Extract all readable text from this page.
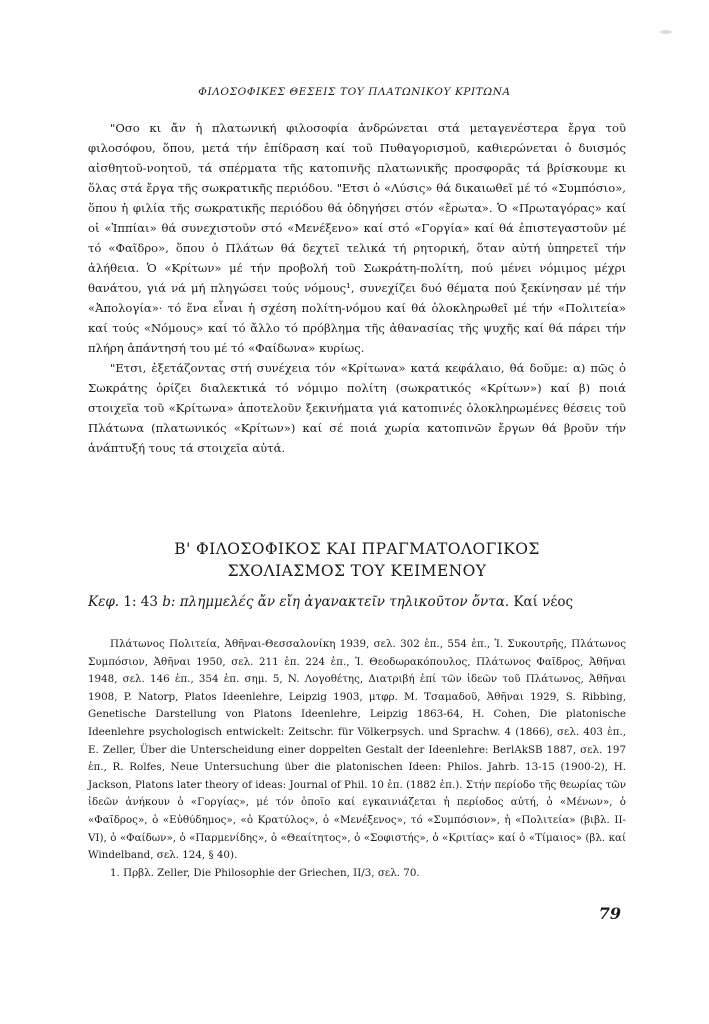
ΦΙΛΟΣΟΦΙΚΕΣ ΘΕΣΕΙΣ ΤΟΥ ΠΛΑΤΩΝΙΚΟΥ ΚΡΙΤΩΝΑ

"Οσο κι ἄν ἡ πλατωνική φιλοσοφία ἀνδρώνεται στά μεταγενέστερα ἔργα τοῦ φιλοσόφου, ὅπου, μετά τήν ἐπίδραση καί τοῦ Πυθαγορισμοῦ, καθιερώνεται ὁ δυισμός αἰσθητοῦ-νοητοῦ, τά σπέρματα τῆς κατοπινῆς πλατωνικῆς προσφορᾶς τά βρίσκουμε κι ὅλας στά ἔργα τῆς σωκρατικῆς περιόδου. "Ετσι ὁ «Λύσις» θά δικαιωθεῖ μέ τό «Συμπόσιο», ὅπου ἡ φιλία τῆς σωκρατικῆς περιόδου θά ὁδηγήσει στόν «ἔρωτα». Ὁ «Πρωταγόρας» καί οἱ «Ἱππίαι» θά συνεχιστοῦν στό «Μενέξενο» καί στό «Γοργία» καί θά ἐπιστεγαστοῦν μέ τό «Φαῖδρο», ὅπου ὁ Πλάτων θά δεχτεῖ τελικά τή ρητορική, ὅταν αὐτή ὑπηρετεῖ τήν ἀλήθεια. Ὁ «Κρίτων» μέ τήν προβολή τοῦ Σωκράτη-πολίτη, πού μένει νόμιμος μέχρι θανάτου, γιά νά μή πληγώσει τούς νόμους¹, συνεχίζει δυό θέματα πού ξεκίνησαν μέ τήν «Ἀπολογία»· τό ἕνα εἶναι ἡ σχέση πολίτη-νόμου καί θά ὁλοκληρωθεῖ μέ τήν «Πολιτεία» καί τούς «Νόμους» καί τό ἄλλο τό πρόβλημα τῆς ἀθανασίας τῆς ψυχῆς καί θά πάρει τήν πλήρη ἀπάντησή του μέ τό «Φαίδωνα» κυρίως.

"Ετσι, ἐξετάζοντας στή συνέχεια τόν «Κρίτωνα» κατά κεφάλαιο, θά δοῦμε: α) πῶς ὁ Σωκράτης ὁρίζει διαλεκτικά τό νόμιμο πολίτη (σωκρατικός «Κρίτων») καί β) ποιά στοιχεῖα τοῦ «Κρίτωνα» ἀποτελοῦν ξεκινήματα γιά κατοπινές ὁλοκληρωμένες θέσεις τοῦ Πλάτωνα (πλατωνικός «Κρίτων») καί σέ ποιά χωρία κατοπινῶν ἔργων θά βροῦν τήν ἀνάπτυξή τους τά στοιχεῖα αὐτά.

Β' ΦΙΛΟΣΟΦΙΚΟΣ ΚΑΙ ΠΡΑΓΜΑΤΟΛΟΓΙΚΟΣ
ΣΧΟΛΙΑΣΜΟΣ ΤΟΥ ΚΕΙΜΕΝΟΥ
Κεφ. 1: 43 b: πλημμελές ἄν εἴη ἀγανακτεῖν τηλικοῦτον ὄντα. Καί νέος

Πλάτωνος Πολιτεία, Ἀθῆναι-Θεσσαλονίκη 1939, σελ. 302 ἑπ., 554 ἑπ., Ἰ. Συκουτρῆς, Πλάτωνος Συμπόσιον, Ἀθῆναι 1950, σελ. 211 ἑπ. 224 ἑπ., Ἰ. Θεοδωρακόπουλος, Πλάτωνος Φαῖδρος, Ἀθῆναι 1948, σελ. 146 ἑπ., 354 ἑπ. σημ. 5, N. Λογοθέτης, Διατριβή ἐπί τῶν ἰδεῶν τοῦ Πλάτωνος, Ἀθῆναι 1908, P. Natorp, Platos Ideenlehre, Leipzig 1903, μτφρ. M. Τσαμαδοῦ, Ἀθῆναι 1929, S. Ribbing, Genetische Darstellung von Platons Ideenlehre, Leipzig 1863-64, H. Cohen, Die platonische Ideenlehre psychologisch entwickelt: Zeitschr. für Völkerpsych. und Sprachw. 4 (1866), σελ. 403 ἑπ., E. Zeller, Über die Unterscheidung einer doppelten Gestalt der Ideenlehre: BerlAkSB 1887, σελ. 197 ἑπ., R. Rolfes, Neue Untersuchung über die platonischen Ideen: Philos. Jahrb. 13-15 (1900-2), H. Jackson, Platons later theory of ideas: Journal of Phil. 10 ἑπ. (1882 ἑπ.). Στήν περίοδο τῆς θεωρίας τῶν ἰδεῶν ἀνήκουν ὁ «Γοργίας», μέ τόν ὁποῖο καί εγκαινιάζεται ἡ περίοδος αὐτή, ὁ «Μένων», ὁ «Φαῖδρος», ὁ «Εὐθύδημος», «ὁ Κρατύλος», ὁ «Μενέξενος», τό «Συμπόσιον», ἡ «Πολιτεία» (βιβλ. II-VI), ὁ «Φαίδων», ὁ «Παρμενίδης», ὁ «Θεαίτητος», ὁ «Σοφιστής», ὁ «Κριτίας» καί ὁ «Τίμαιος» (βλ. καί Windelband, σελ. 124, § 40).

1. Πρβλ. Zeller, Die Philosophie der Griechen, II/3, σελ. 70.

79
